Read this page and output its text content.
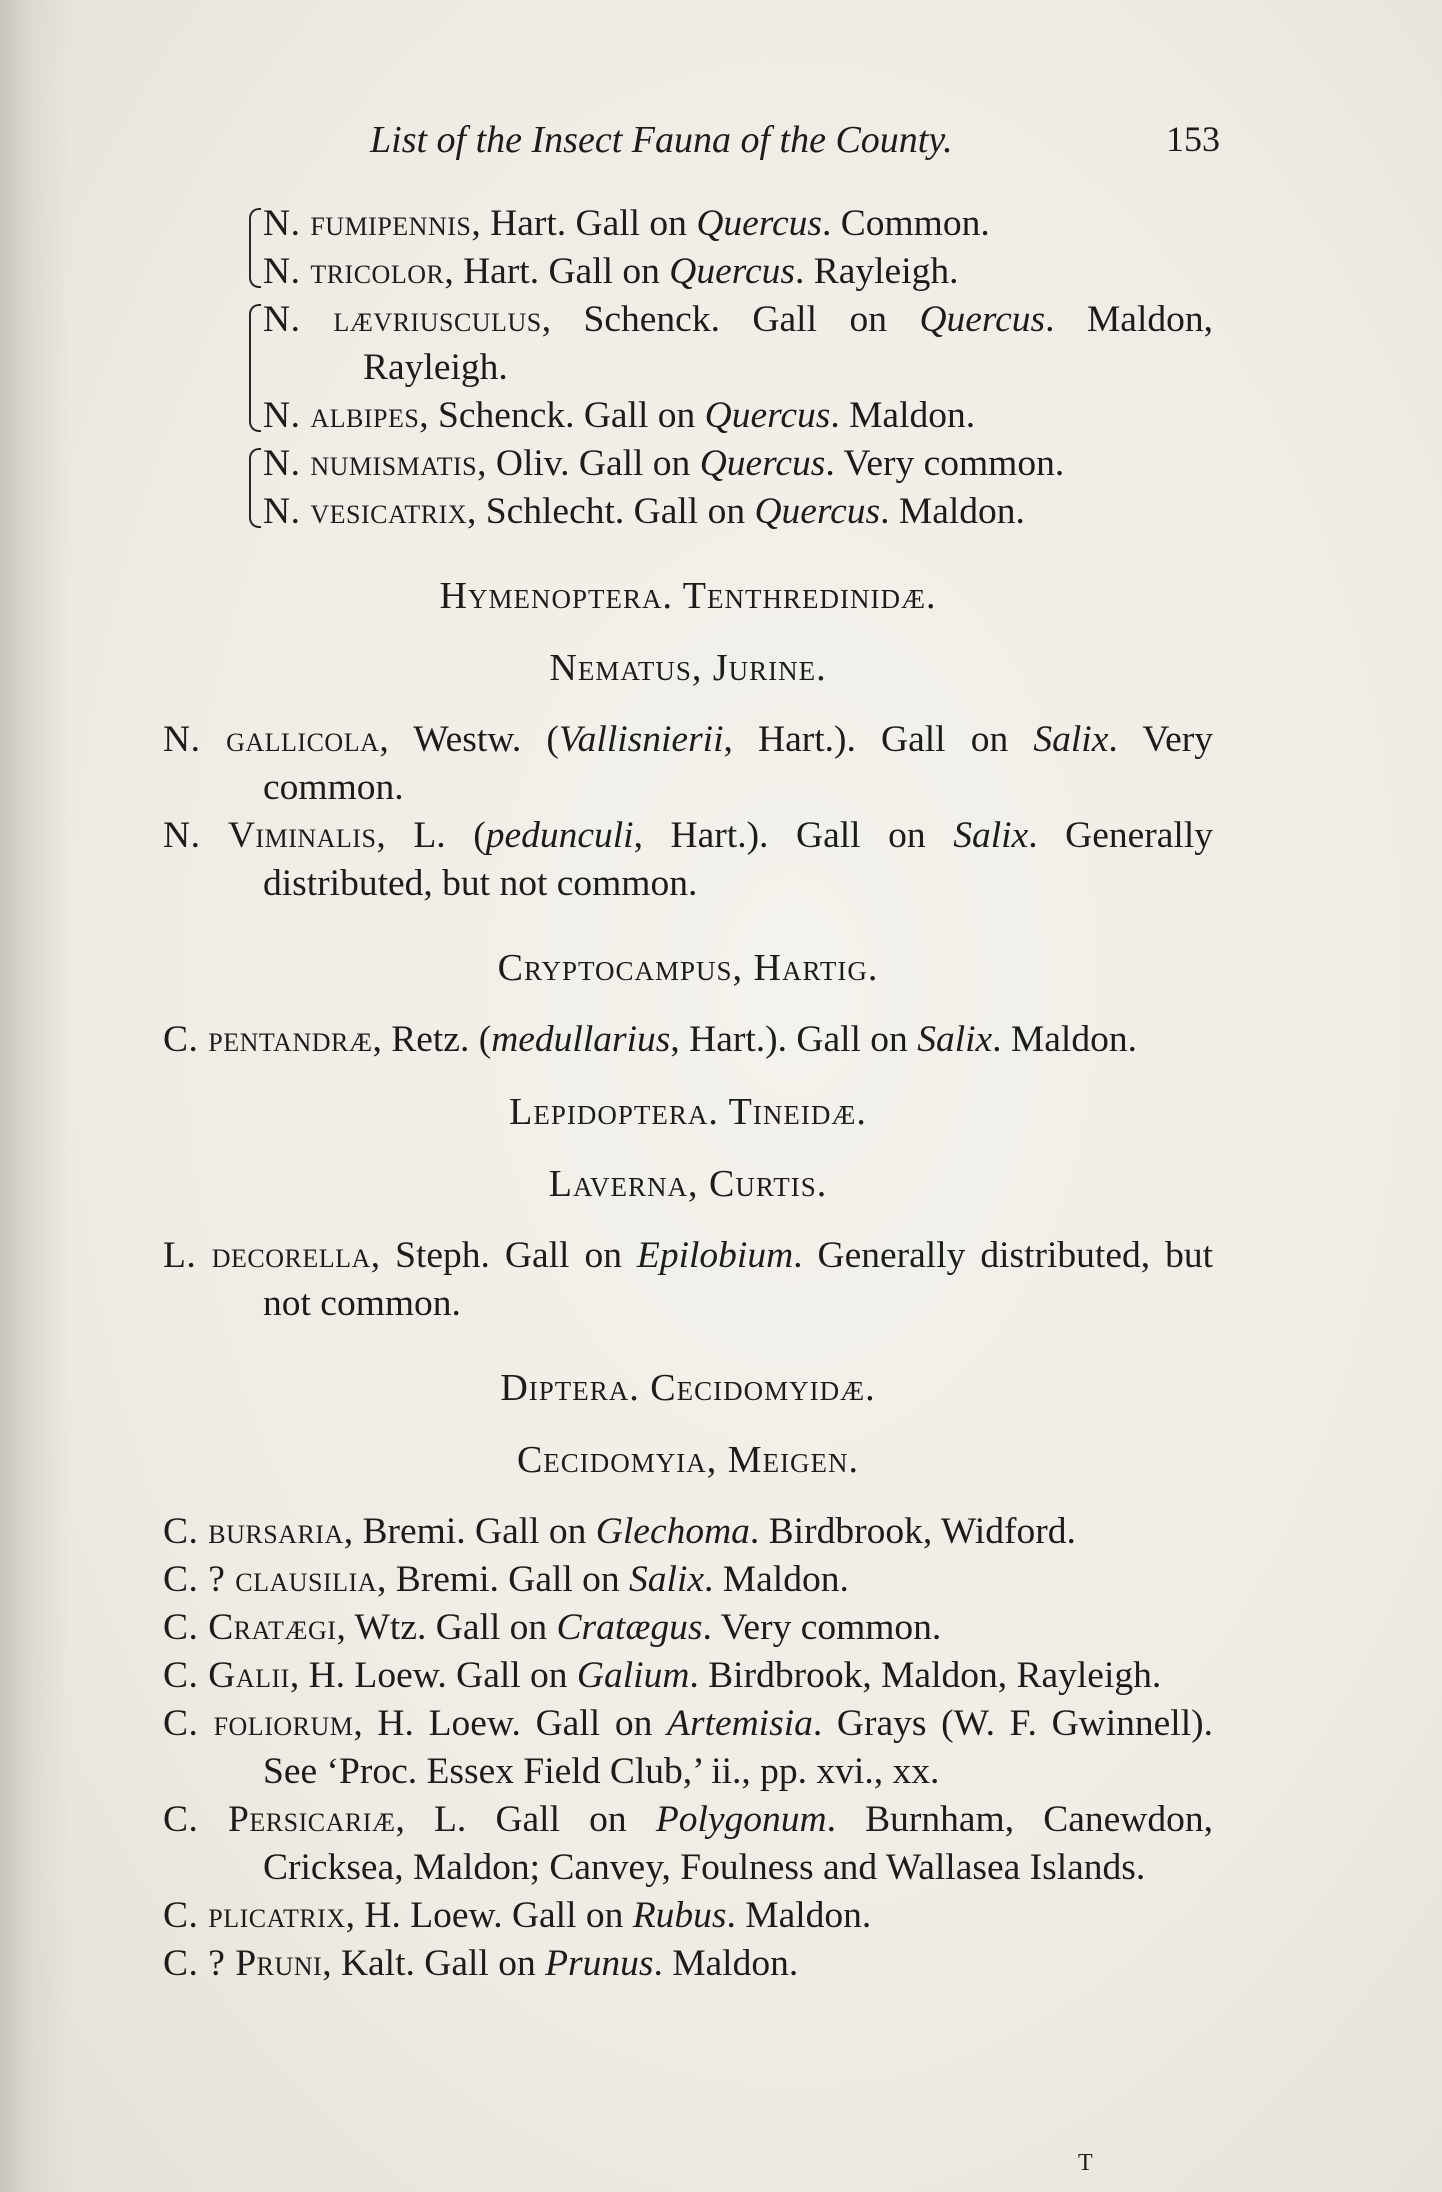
List of the Insect Fauna of the County.	153

N. fumipennis, Hart. Gall on Quercus. Common.

N. tricolor, Hart. Gall on Quercus. Rayleigh.

N. lævriusculus, Schenck. Gall on Quercus. Maldon, Rayleigh.

N. albipes, Schenck. Gall on Quercus. Maldon.

N. numismatis, Oliv. Gall on Quercus. Very common.

N. vesicatrix, Schlecht. Gall on Quercus. Maldon.

Hymenoptera. Tenthredinidæ.

Nematus, Jurine.

N. gallicola, Westw. (Vallisnierii, Hart.). Gall on Salix. Very common.

N. Viminalis, L. (pedunculi, Hart.). Gall on Salix. Generally distributed, but not common.

Cryptocampus, Hartig.

C. pentandræ, Retz. (medullarius, Hart.). Gall on Salix. Maldon.

Lepidoptera. Tineidæ.

Laverna, Curtis.

L. decorella, Steph. Gall on Epilobium. Generally distributed, but not common.

Diptera. Cecidomyidæ.

Cecidomyia, Meigen.

C. bursaria, Bremi. Gall on Glechoma. Birdbrook, Widford.

C. ? clausilia, Bremi. Gall on Salix. Maldon.

C. Cratægi, Wtz. Gall on Cratægus. Very common.

C. Galii, H. Loew. Gall on Galium. Birdbrook, Maldon, Rayleigh.

C. foliorum, H. Loew. Gall on Artemisia. Grays (W. F. Gwinnell). See ‘Proc. Essex Field Club,’ ii., pp. xvi., xx.

C. Persicariæ, L. Gall on Polygonum. Burnham, Canewdon, Cricksea, Maldon; Canvey, Foulness and Wallasea Islands.

C. plicatrix, H. Loew. Gall on Rubus. Maldon.

C. ? Pruni, Kalt. Gall on Prunus. Maldon.

T
